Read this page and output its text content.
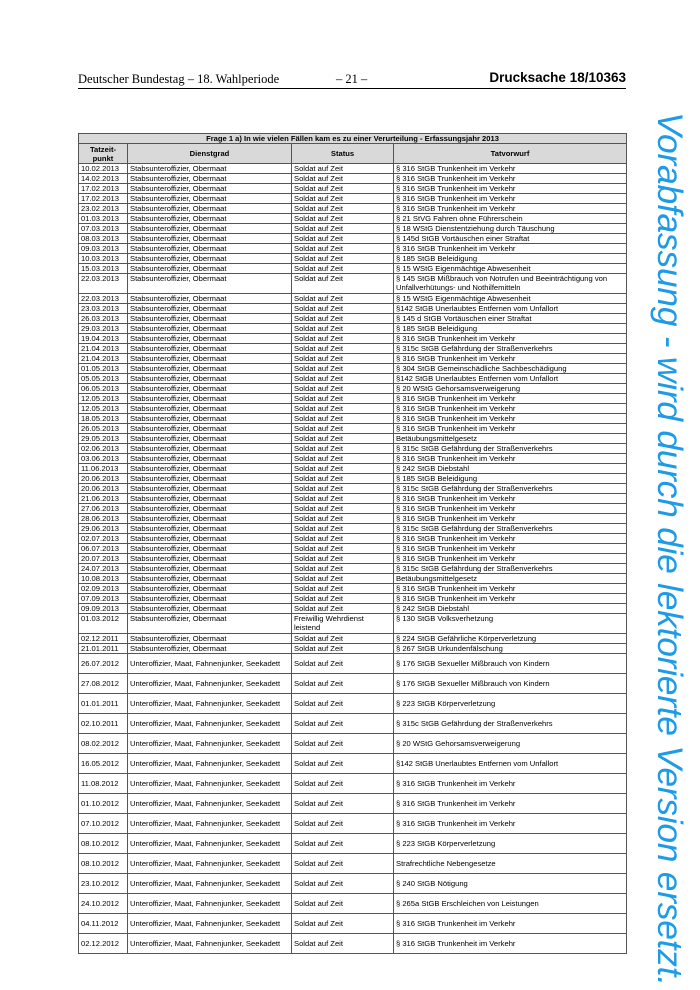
Deutscher Bundestag – 18. Wahlperiode	– 21 –	Drucksache 18/10363
Vorabfassung - wird durch die lektorierte Version ersetzt.
Frage 1 a) In wie vielen Fällen kam es zu einer Verurteilung - Erfassungsjahr 2013			
Tatzeit-punkt	Dienstgrad	Status	Tatvorwurf
10.02.2013	Stabsunteroffizier, Obermaat	Soldat auf Zeit	§ 316 StGB Trunkenheit im Verkehr
14.02.2013	Stabsunteroffizier, Obermaat	Soldat auf Zeit	§ 316 StGB Trunkenheit im Verkehr
17.02.2013	Stabsunteroffizier, Obermaat	Soldat auf Zeit	§ 316 StGB Trunkenheit im Verkehr
17.02.2013	Stabsunteroffizier, Obermaat	Soldat auf Zeit	§ 316 StGB Trunkenheit im Verkehr
23.02.2013	Stabsunteroffizier, Obermaat	Soldat auf Zeit	§ 316 StGB Trunkenheit im Verkehr
01.03.2013	Stabsunteroffizier, Obermaat	Soldat auf Zeit	§ 21 StVG Fahren ohne Führerschein
07.03.2013	Stabsunteroffizier, Obermaat	Soldat auf Zeit	§ 18 WStG Dienstentziehung durch Täuschung
08.03.2013	Stabsunteroffizier, Obermaat	Soldat auf Zeit	§ 145d StGB Vortäuschen einer Straftat
09.03.2013	Stabsunteroffizier, Obermaat	Soldat auf Zeit	§ 316 StGB Trunkenheit im Verkehr
10.03.2013	Stabsunteroffizier, Obermaat	Soldat auf Zeit	§ 185 StGB Beleidigung
15.03.2013	Stabsunteroffizier, Obermaat	Soldat auf Zeit	§ 15 WStG Eigenmächtige Abwesenheit
22.03.2013	Stabsunteroffizier, Obermaat	Soldat auf Zeit	§ 145 StGB Mißbrauch von Notrufen und Beeinträchtigung von Unfallverhütungs- und Nothilfemitteln
22.03.2013	Stabsunteroffizier, Obermaat	Soldat auf Zeit	§ 15 WStG Eigenmächtige Abwesenheit
23.03.2013	Stabsunteroffizier, Obermaat	Soldat auf Zeit	§142 StGB Unerlaubtes Entfernen vom Unfallort
26.03.2013	Stabsunteroffizier, Obermaat	Soldat auf Zeit	§ 145 d StGB Vortäuschen einer Straftat
29.03.2013	Stabsunteroffizier, Obermaat	Soldat auf Zeit	§ 185 StGB Beleidigung
19.04.2013	Stabsunteroffizier, Obermaat	Soldat auf Zeit	§ 316 StGB Trunkenheit im Verkehr
21.04.2013	Stabsunteroffizier, Obermaat	Soldat auf Zeit	§ 315c StGB Gefährdung der Straßenverkehrs
21.04.2013	Stabsunteroffizier, Obermaat	Soldat auf Zeit	§ 316 StGB Trunkenheit im Verkehr
01.05.2013	Stabsunteroffizier, Obermaat	Soldat auf Zeit	§ 304 StGB Gemeinschädliche Sachbeschädigung
05.05.2013	Stabsunteroffizier, Obermaat	Soldat auf Zeit	§142 StGB Unerlaubtes Entfernen vom Unfallort
06.05.2013	Stabsunteroffizier, Obermaat	Soldat auf Zeit	§ 20 WStG Gehorsamsverweigerung
12.05.2013	Stabsunteroffizier, Obermaat	Soldat auf Zeit	§ 316 StGB Trunkenheit im Verkehr
12.05.2013	Stabsunteroffizier, Obermaat	Soldat auf Zeit	§ 316 StGB Trunkenheit im Verkehr
18.05.2013	Stabsunteroffizier, Obermaat	Soldat auf Zeit	§ 316 StGB Trunkenheit im Verkehr
26.05.2013	Stabsunteroffizier, Obermaat	Soldat auf Zeit	§ 316 StGB Trunkenheit im Verkehr
29.05.2013	Stabsunteroffizier, Obermaat	Soldat auf Zeit	Betäubungsmittelgesetz
02.06.2013	Stabsunteroffizier, Obermaat	Soldat auf Zeit	§ 315c StGB Gefährdung der Straßenverkehrs
03.06.2013	Stabsunteroffizier, Obermaat	Soldat auf Zeit	§ 316 StGB Trunkenheit im Verkehr
11.06.2013	Stabsunteroffizier, Obermaat	Soldat auf Zeit	§ 242 StGB Diebstahl
20.06.2013	Stabsunteroffizier, Obermaat	Soldat auf Zeit	§ 185 StGB Beleidigung
20.06.2013	Stabsunteroffizier, Obermaat	Soldat auf Zeit	§ 315c StGB Gefährdung der Straßenverkehrs
21.06.2013	Stabsunteroffizier, Obermaat	Soldat auf Zeit	§ 316 StGB Trunkenheit im Verkehr
27.06.2013	Stabsunteroffizier, Obermaat	Soldat auf Zeit	§ 316 StGB Trunkenheit im Verkehr
28.06.2013	Stabsunteroffizier, Obermaat	Soldat auf Zeit	§ 316 StGB Trunkenheit im Verkehr
29.06.2013	Stabsunteroffizier, Obermaat	Soldat auf Zeit	§ 315c StGB Gefährdung der Straßenverkehrs
02.07.2013	Stabsunteroffizier, Obermaat	Soldat auf Zeit	§ 316 StGB Trunkenheit im Verkehr
06.07.2013	Stabsunteroffizier, Obermaat	Soldat auf Zeit	§ 316 StGB Trunkenheit im Verkehr
20.07.2013	Stabsunteroffizier, Obermaat	Soldat auf Zeit	§ 316 StGB Trunkenheit im Verkehr
24.07.2013	Stabsunteroffizier, Obermaat	Soldat auf Zeit	§ 315c StGB Gefährdung der Straßenverkehrs
10.08.2013	Stabsunteroffizier, Obermaat	Soldat auf Zeit	Betäubungsmittelgesetz
02.09.2013	Stabsunteroffizier, Obermaat	Soldat auf Zeit	§ 316 StGB Trunkenheit im Verkehr
07.09.2013	Stabsunteroffizier, Obermaat	Soldat auf Zeit	§ 316 StGB Trunkenheit im Verkehr
09.09.2013	Stabsunteroffizier, Obermaat	Soldat auf Zeit	§ 242 StGB Diebstahl
01.03.2012	Stabsunteroffizier, Obermaat	Freiwillig Wehrdienst leistend	§ 130 StGB Volksverhetzung
02.12.2011	Stabsunteroffizier, Obermaat	Soldat auf Zeit	§ 224 StGB Gefährliche Körperverletzung
21.01.2011	Stabsunteroffizier, Obermaat	Soldat auf Zeit	§ 267 StGB Urkundenfälschung
26.07.2012	Unteroffizier, Maat, Fahnenjunker, Seekadett	Soldat auf Zeit	§ 176 StGB Sexueller Mißbrauch von Kindern
27.08.2012	Unteroffizier, Maat, Fahnenjunker, Seekadett	Soldat auf Zeit	§ 176 StGB Sexueller Mißbrauch von Kindern
01.01.2011	Unteroffizier, Maat, Fahnenjunker, Seekadett	Soldat auf Zeit	§ 223 StGB Körperverletzung
02.10.2011	Unteroffizier, Maat, Fahnenjunker, Seekadett	Soldat auf Zeit	§ 315c StGB Gefährdung der Straßenverkehrs
08.02.2012	Unteroffizier, Maat, Fahnenjunker, Seekadett	Soldat auf Zeit	§ 20 WStG Gehorsamsverweigerung
16.05.2012	Unteroffizier, Maat, Fahnenjunker, Seekadett	Soldat auf Zeit	§142 StGB Unerlaubtes Entfernen vom Unfallort
11.08.2012	Unteroffizier, Maat, Fahnenjunker, Seekadett	Soldat auf Zeit	§ 316 StGB Trunkenheit im Verkehr
01.10.2012	Unteroffizier, Maat, Fahnenjunker, Seekadett	Soldat auf Zeit	§ 316 StGB Trunkenheit im Verkehr
07.10.2012	Unteroffizier, Maat, Fahnenjunker, Seekadett	Soldat auf Zeit	§ 316 StGB Trunkenheit im Verkehr
08.10.2012	Unteroffizier, Maat, Fahnenjunker, Seekadett	Soldat auf Zeit	§ 223 StGB Körperverletzung
08.10.2012	Unteroffizier, Maat, Fahnenjunker, Seekadett	Soldat auf Zeit	Strafrechtliche Nebengesetze
23.10.2012	Unteroffizier, Maat, Fahnenjunker, Seekadett	Soldat auf Zeit	§ 240 StGB Nötigung
24.10.2012	Unteroffizier, Maat, Fahnenjunker, Seekadett	Soldat auf Zeit	§ 265a StGB Erschleichen von Leistungen
04.11.2012	Unteroffizier, Maat, Fahnenjunker, Seekadett	Soldat auf Zeit	§ 316 StGB Trunkenheit im Verkehr
02.12.2012	Unteroffizier, Maat, Fahnenjunker, Seekadett	Soldat auf Zeit	§ 316 StGB Trunkenheit im Verkehr
